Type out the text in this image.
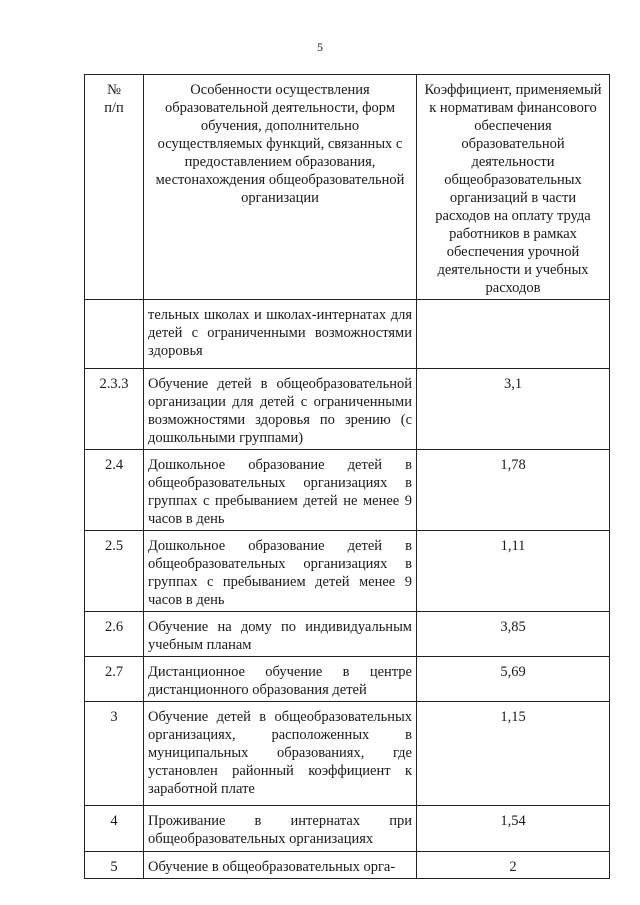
5
№
п/п	Особенности осуществления образовательной деятельности, форм обучения, дополнительно осуществляемых функций, связанных с предоставлением образования, местонахождения общеобразовательной организации	Коэффициент, применяемый к нормативам финансового обеспечения образовательной деятельности общеобразовательных организаций в части расходов на оплату труда работников в рамках обеспечения урочной деятельности и учебных расходов
	тельных школах и школах-интернатах для детей с ограниченными возможностями здоровья	
2.3.3	Обучение детей в общеобразовательной организации для детей с ограниченными возможностями здоровья по зрению (с дошкольными группами)	3,1
2.4	Дошкольное образование детей в общеобразовательных организациях в группах с пребыванием детей не менее 9 часов в день	1,78
2.5	Дошкольное образование детей в общеобразовательных организациях в группах с пребыванием детей менее 9 часов в день	1,11
2.6	Обучение на дому по индивидуальным учебным планам	3,85
2.7	Дистанционное обучение в центре дистанционного образования детей	5,69
3	Обучение детей в общеобразовательных организациях, расположенных в муниципальных образованиях, где установлен районный коэффициент к заработной плате	1,15
4	Проживание в интернатах при общеобразовательных организациях	1,54
5	Обучение в общеобразовательных орга-	2
